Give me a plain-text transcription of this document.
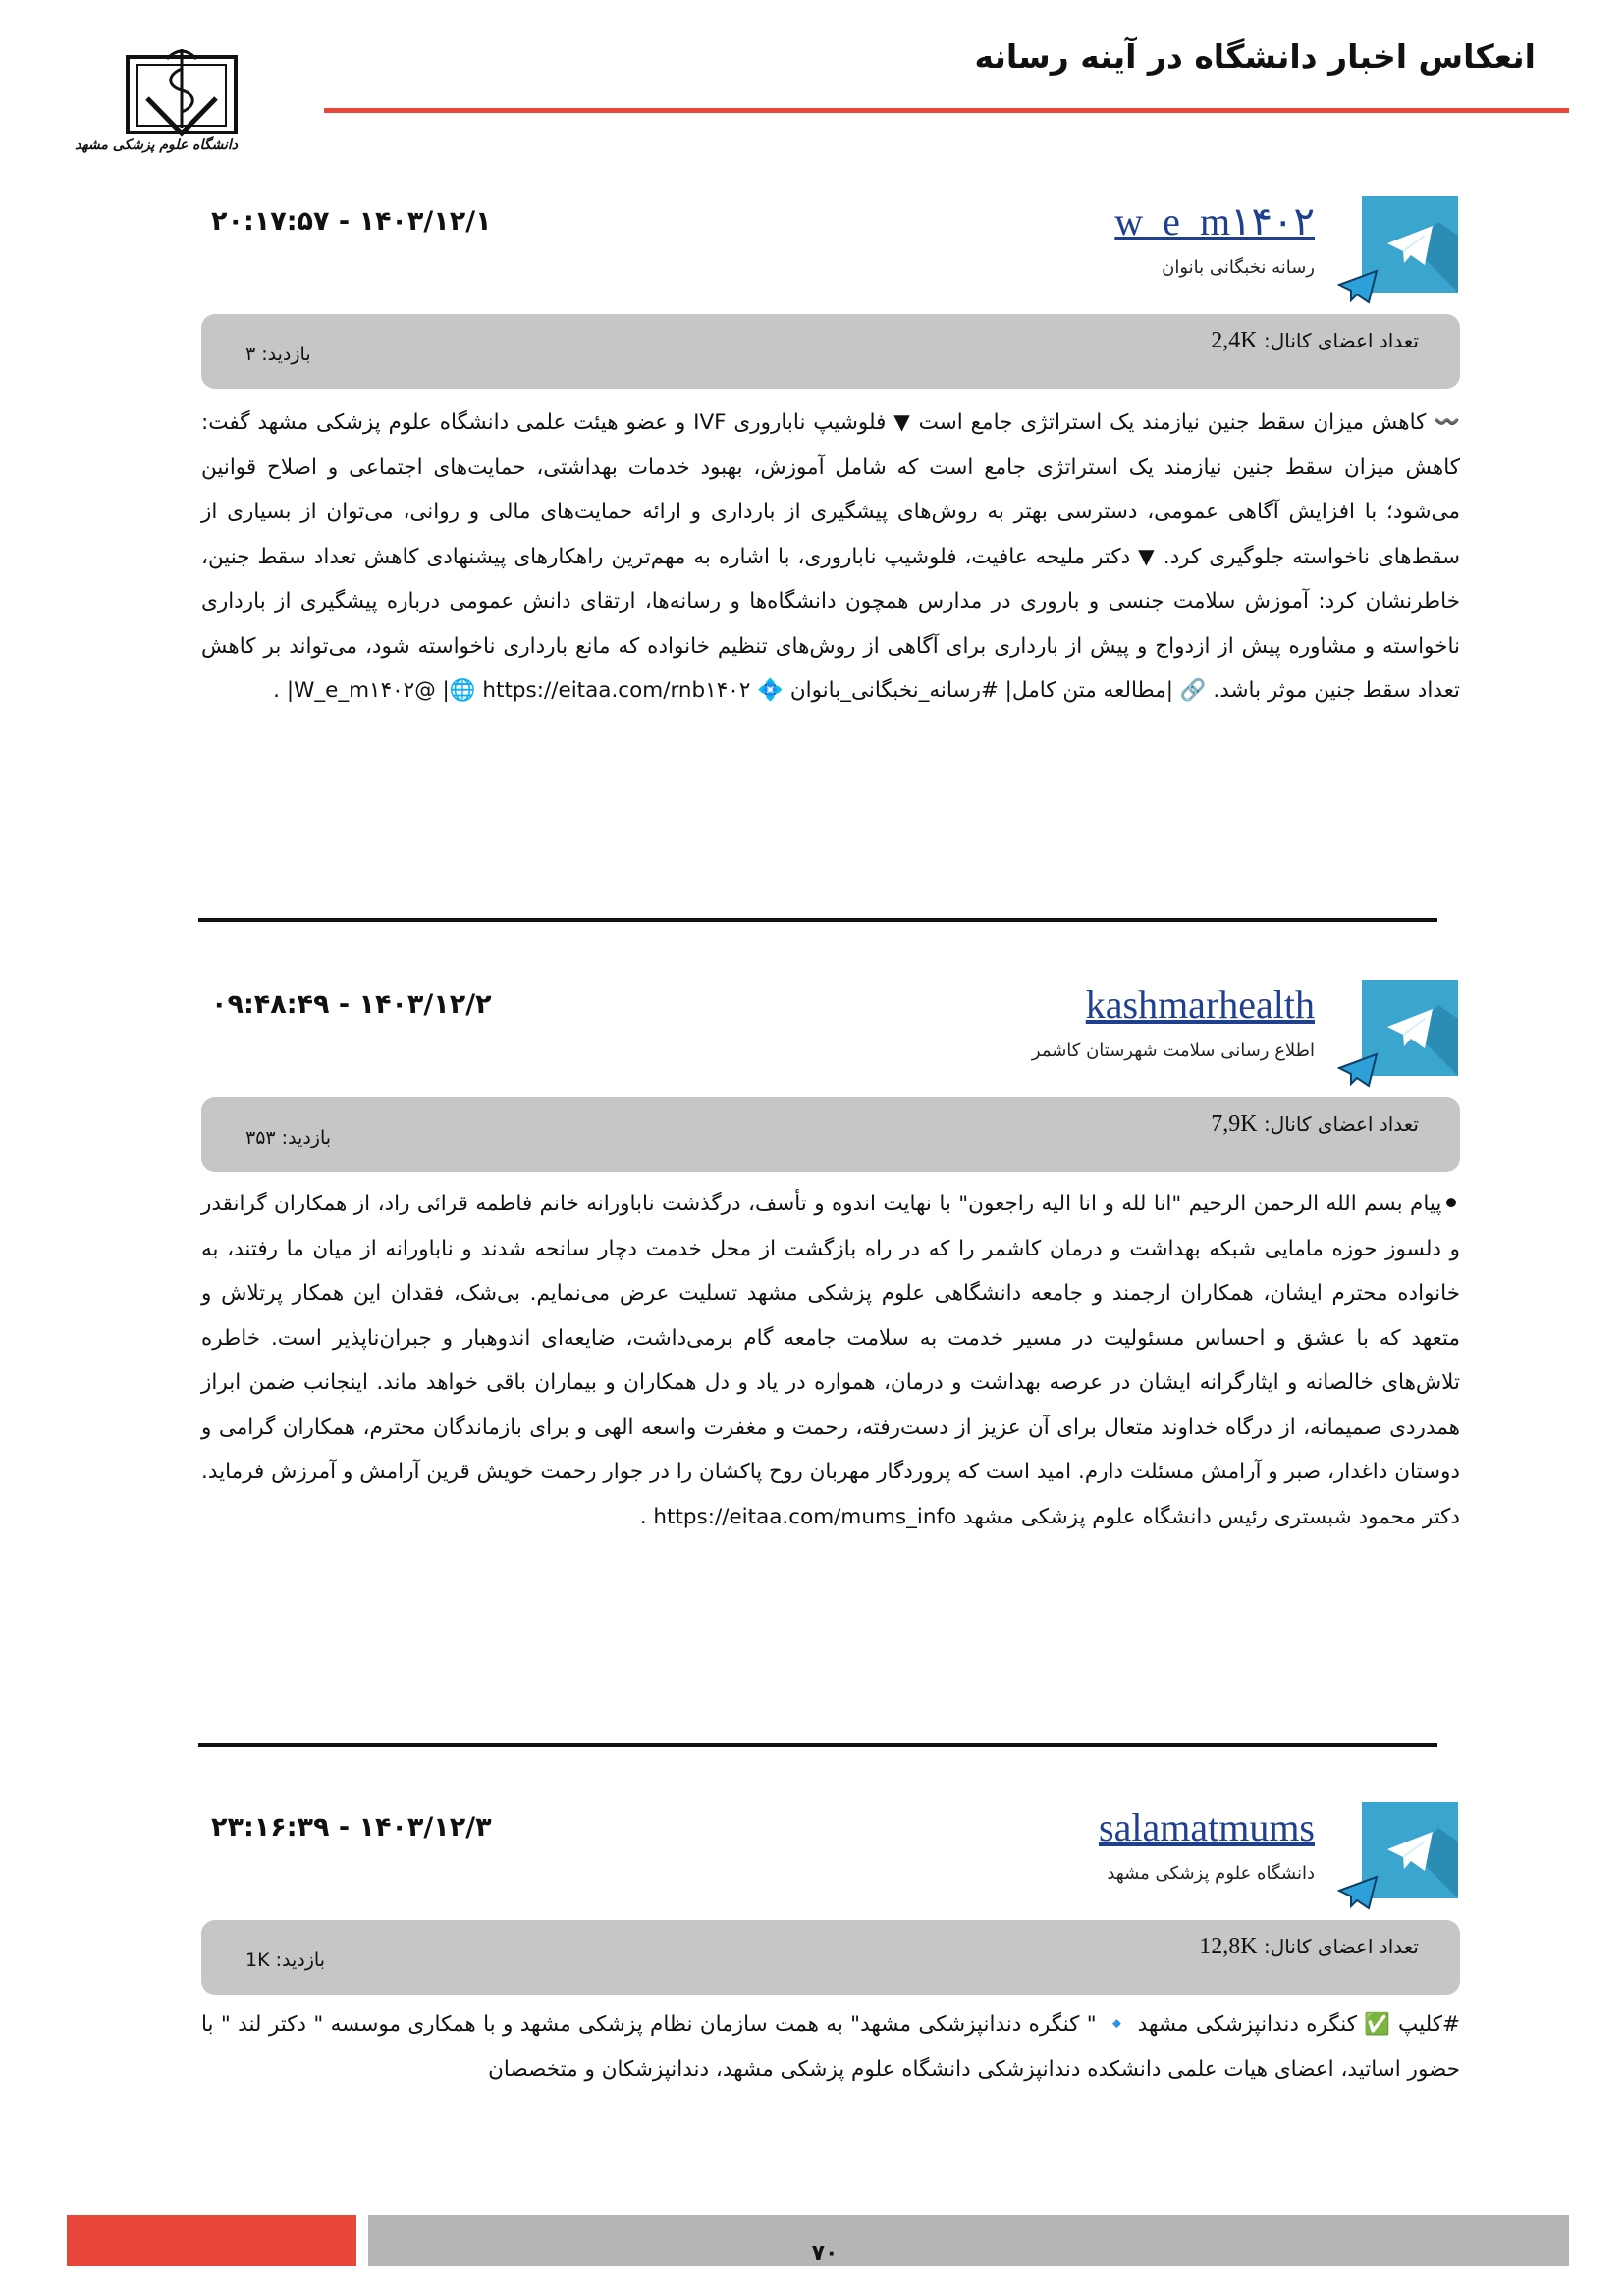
انعکاس اخبار دانشگاه در آینه رسانه
دانشگاه علوم پزشکی مشهد
w_e_m۱۴۰۲
رسانه نخبگانی بانوان
۲۰:۱۷:۵۷ - ۱۴۰۳/۱۲/۱
تعداد اعضای کانال: 2,4K
بازدید: ۳
〰️ کاهش میزان سقط جنین نیازمند یک استراتژی جامع است ▼ فلوشیپ ناباروری IVF و عضو هیئت علمی دانشگاه علوم پزشکی مشهد گفت: کاهش میزان سقط جنین نیازمند یک استراتژی جامع است که شامل آموزش، بهبود خدمات بهداشتی، حمایت‌های اجتماعی و اصلاح قوانین می‌شود؛ با افزایش آگاهی عمومی، دسترسی بهتر به روش‌های پیشگیری از بارداری و ارائه حمایت‌های مالی و روانی، می‌توان از بسیاری از سقط‌های ناخواسته جلوگیری کرد. ▼ دکتر ملیحه عافیت، فلوشیپ ناباروری، با اشاره به مهم‌ترین راهکارهای پیشنهادی کاهش تعداد سقط جنین، خاطرنشان کرد: آموزش سلامت جنسی و باروری در مدارس همچون دانشگاه‌ها و رسانه‌ها، ارتقای دانش عمومی درباره پیشگیری از بارداری ناخواسته و مشاوره پیش از ازدواج و پیش از بارداری برای آگاهی از روش‌های تنظیم خانواده که مانع بارداری ناخواسته شود، می‌تواند بر کاهش تعداد سقط جنین موثر باشد. 🔗 |مطالعه متن کامل| #رسانه_نخبگانی_بانوان 💠 W_e_m۱۴۰۲@ |🌐 https://eitaa.com/rnb۱۴۰۲| .
kashmarhealth
اطلاع رسانی سلامت شهرستان کاشمر
۰۹:۴۸:۴۹ - ۱۴۰۳/۱۲/۲
تعداد اعضای کانال: 7,9K
بازدید: ۳۵۳
⚫پیام بسم الله الرحمن الرحیم "انا لله و انا الیه راجعون" با نهایت اندوه و تأسف، درگذشت ناباورانه خانم فاطمه قرائی راد، از همکاران گرانقدر و دلسوز حوزه مامایی شبکه بهداشت و درمان کاشمر را که در راه بازگشت از محل خدمت دچار سانحه شدند و ناباورانه از میان ما رفتند، به خانواده محترم ایشان، همکاران ارجمند و جامعه دانشگاهی علوم پزشکی مشهد تسلیت عرض می‌نمایم. بی‌شک، فقدان این همکار پرتلاش و متعهد که با عشق و احساس مسئولیت در مسیر خدمت به سلامت جامعه گام برمی‌داشت، ضایعه‌ای اندوهبار و جبران‌ناپذیر است. خاطره تلاش‌های خالصانه و ایثارگرانه ایشان در عرصه بهداشت و درمان، همواره در یاد و دل همکاران و بیماران باقی خواهد ماند. اینجانب ضمن ابراز همدردی صمیمانه، از درگاه خداوند متعال برای آن عزیز از دست‌رفته، رحمت و مغفرت واسعه الهی و برای بازماندگان محترم، همکاران گرامی و دوستان داغدار، صبر و آرامش مسئلت دارم. امید است که پروردگار مهربان روح پاکشان را در جوار رحمت خویش قرین آرامش و آمرزش فرماید. دکتر محمود شبستری رئیس دانشگاه علوم پزشکی مشهد https://eitaa.com/mums_info .
salamatmums
دانشگاه علوم پزشکی مشهد
۲۳:۱۶:۳۹ - ۱۴۰۳/۱۲/۳
تعداد اعضای کانال: 12,8K
بازدید: 1K
#کلیپ ✅ کنگره دندانپزشکی مشهد 🔹 " کنگره دندانپزشکی مشهد" به همت سازمان نظام پزشکی مشهد و با همکاری موسسه " دکتر لند " با حضور اساتید، اعضای هیات علمی دانشکده دندانپزشکی دانشگاه علوم پزشکی مشهد، دندانپزشکان و متخصصان
۷۰
